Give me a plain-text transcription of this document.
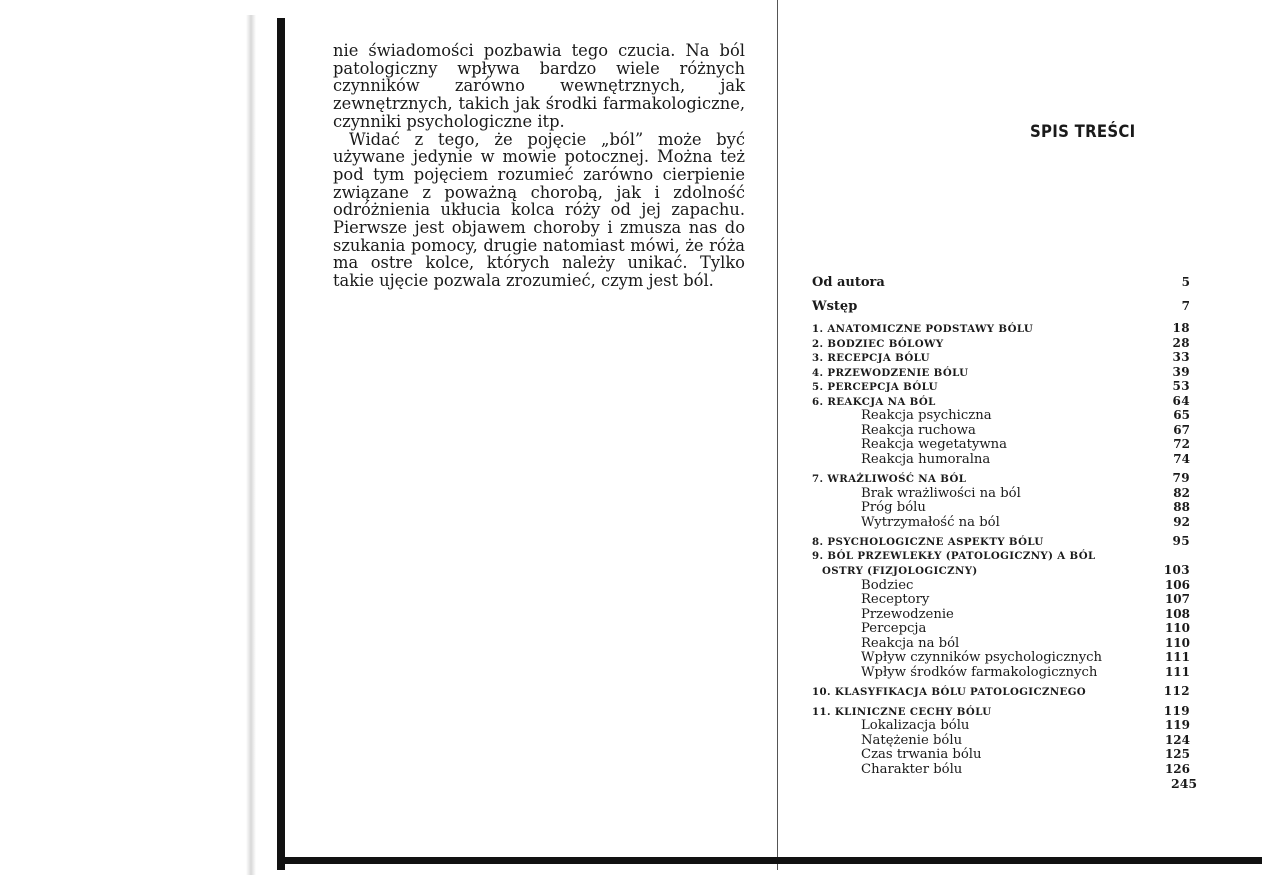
nie świadomości pozbawia tego czucia. Na ból patologiczny wpływa bardzo wiele różnych czynników zarówno wewnętrznych, jak zewnętrznych, takich jak środki farmakologiczne, czynniki psychologiczne itp.

Widać z tego, że pojęcie „ból” może być używane jedynie w mowie potocznej. Można też pod tym pojęciem rozumieć zarówno cierpienie związane z poważną chorobą, jak i zdolność odróżnienia ukłucia kolca róży od jej zapachu. Pierwsze jest objawem choroby i zmusza nas do szukania pomocy, drugie natomiast mówi, że róża ma ostre kolce, których należy unikać. Tylko takie ujęcie pozwala zrozumieć, czym jest ból.

SPIS TREŚCI
Od autora	5
Wstęp	7
1. ANATOMICZNE PODSTAWY BÓLU	18
2. BODZIEC BÓLOWY	28
3. RECEPCJA BÓLU	33
4. PRZEWODZENIE BÓLU	39
5. PERCEPCJA BÓLU	53
6. REAKCJA NA BÓL	64
Reakcja psychiczna	65
Reakcja ruchowa	67
Reakcja wegetatywna	72
Reakcja humoralna	74
7. WRAŻLIWOŚĆ NA BÓL	79
Brak wrażliwości na ból	82
Próg bólu	88
Wytrzymałość na ból	92
8. PSYCHOLOGICZNE ASPEKTY BÓLU	95
9. BÓL PRZEWLEKŁY (PATOLOGICZNY) A BÓL
OSTRY (FIZJOLOGICZNY)	103
Bodziec	106
Receptory	107
Przewodzenie	108
Percepcja	110
Reakcja na ból	110
Wpływ czynników psychologicznych	111
Wpływ środków farmakologicznych	111
10. KLASYFIKACJA BÓLU PATOLOGICZNEGO	112
11. KLINICZNE CECHY BÓLU	119
Lokalizacja bólu	119
Natężenie bólu	124
Czas trwania bólu	125
Charakter bólu	126
245
